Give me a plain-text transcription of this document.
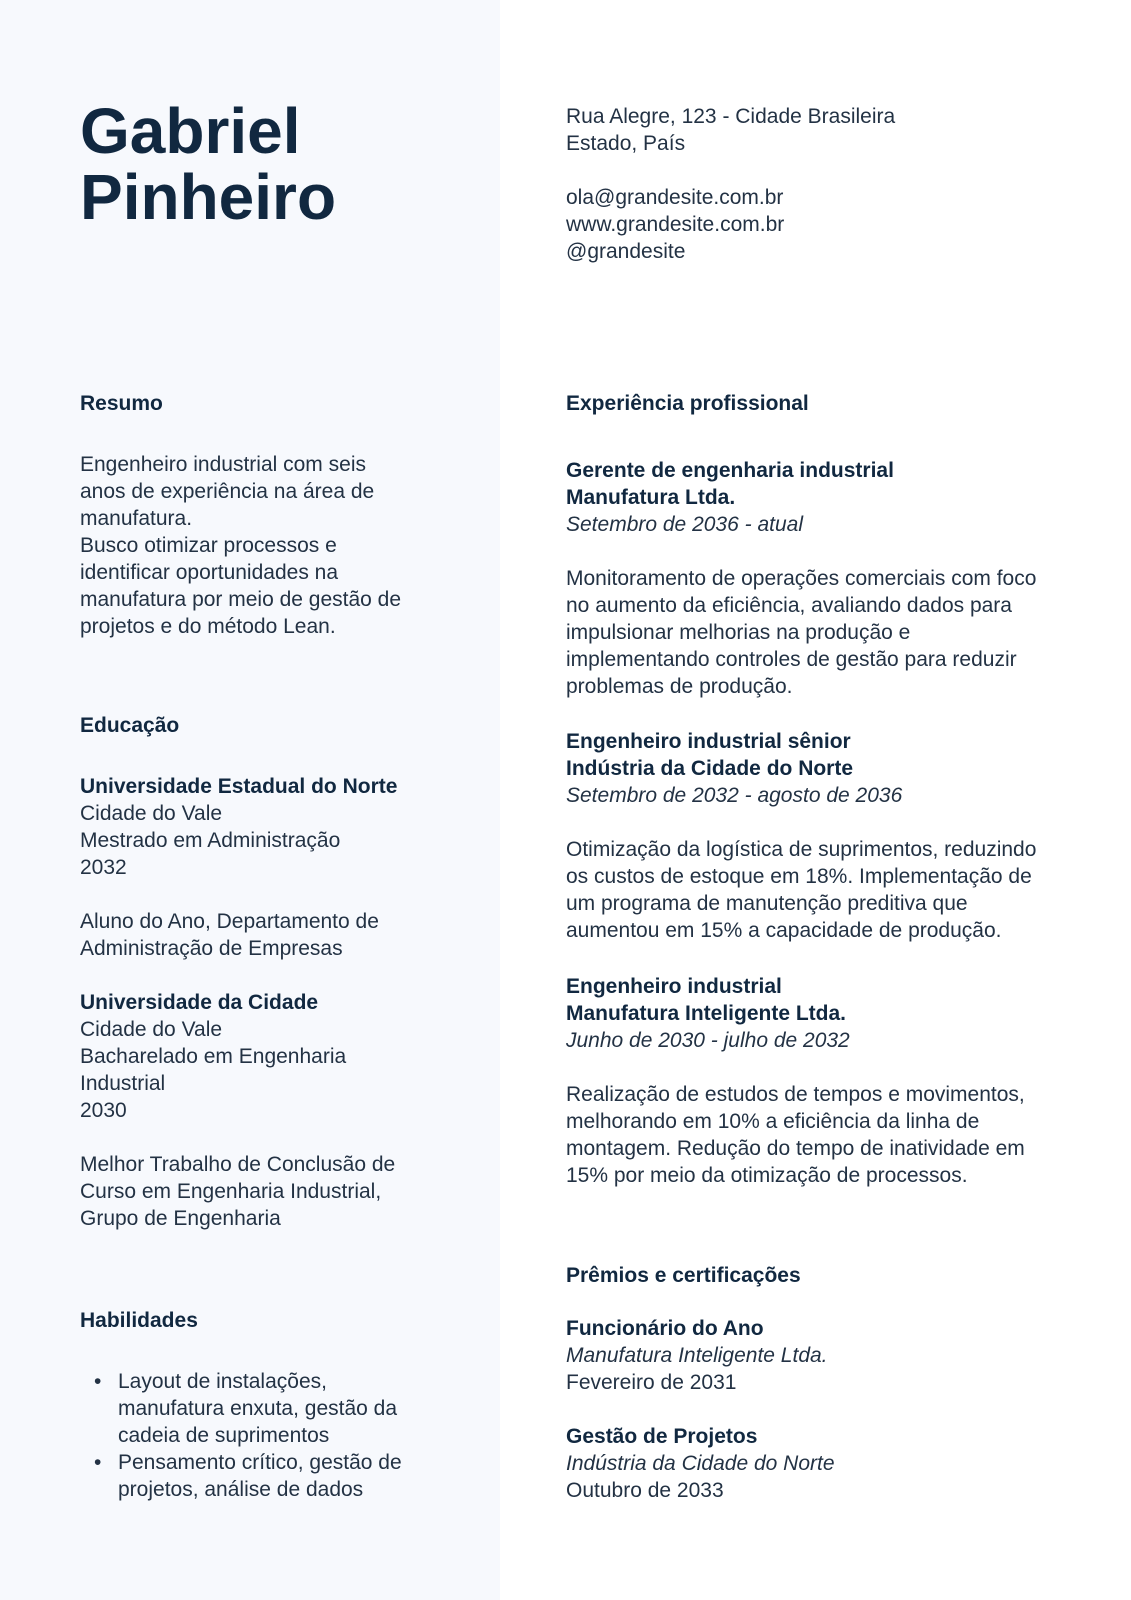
Gabriel
Pinheiro
Rua Alegre, 123 - Cidade Brasileira
Estado, País
ola@grandesite.com.br
www.grandesite.com.br
@grandesite
Resumo
Engenheiro industrial com seis
anos de experiência na área de
manufatura.
Busco otimizar processos e
identificar oportunidades na
manufatura por meio de gestão de
projetos e do método Lean.
Educação
Universidade Estadual do Norte
Cidade do Vale
Mestrado em Administração
2032
Aluno do Ano, Departamento de
Administração de Empresas
Universidade da Cidade
Cidade do Vale
Bacharelado em Engenharia
Industrial
2030
Melhor Trabalho de Conclusão de
Curso em Engenharia Industrial,
Grupo de Engenharia
Habilidades
• Layout de instalações,
manufatura enxuta, gestão da
cadeia de suprimentos
• Pensamento crítico, gestão de
projetos, análise de dados
Experiência profissional
Gerente de engenharia industrial
Manufatura Ltda.
Setembro de 2036 - atual
Monitoramento de operações comerciais com foco
no aumento da eficiência, avaliando dados para
impulsionar melhorias na produção e
implementando controles de gestão para reduzir
problemas de produção.
Engenheiro industrial sênior
Indústria da Cidade do Norte
Setembro de 2032 - agosto de 2036
Otimização da logística de suprimentos, reduzindo
os custos de estoque em 18%. Implementação de
um programa de manutenção preditiva que
aumentou em 15% a capacidade de produção.
Engenheiro industrial
Manufatura Inteligente Ltda.
Junho de 2030 - julho de 2032
Realização de estudos de tempos e movimentos,
melhorando em 10% a eficiência da linha de
montagem. Redução do tempo de inatividade em
15% por meio da otimização de processos.
Prêmios e certificações
Funcionário do Ano
Manufatura Inteligente Ltda.
Fevereiro de 2031
Gestão de Projetos
Indústria da Cidade do Norte
Outubro de 2033
